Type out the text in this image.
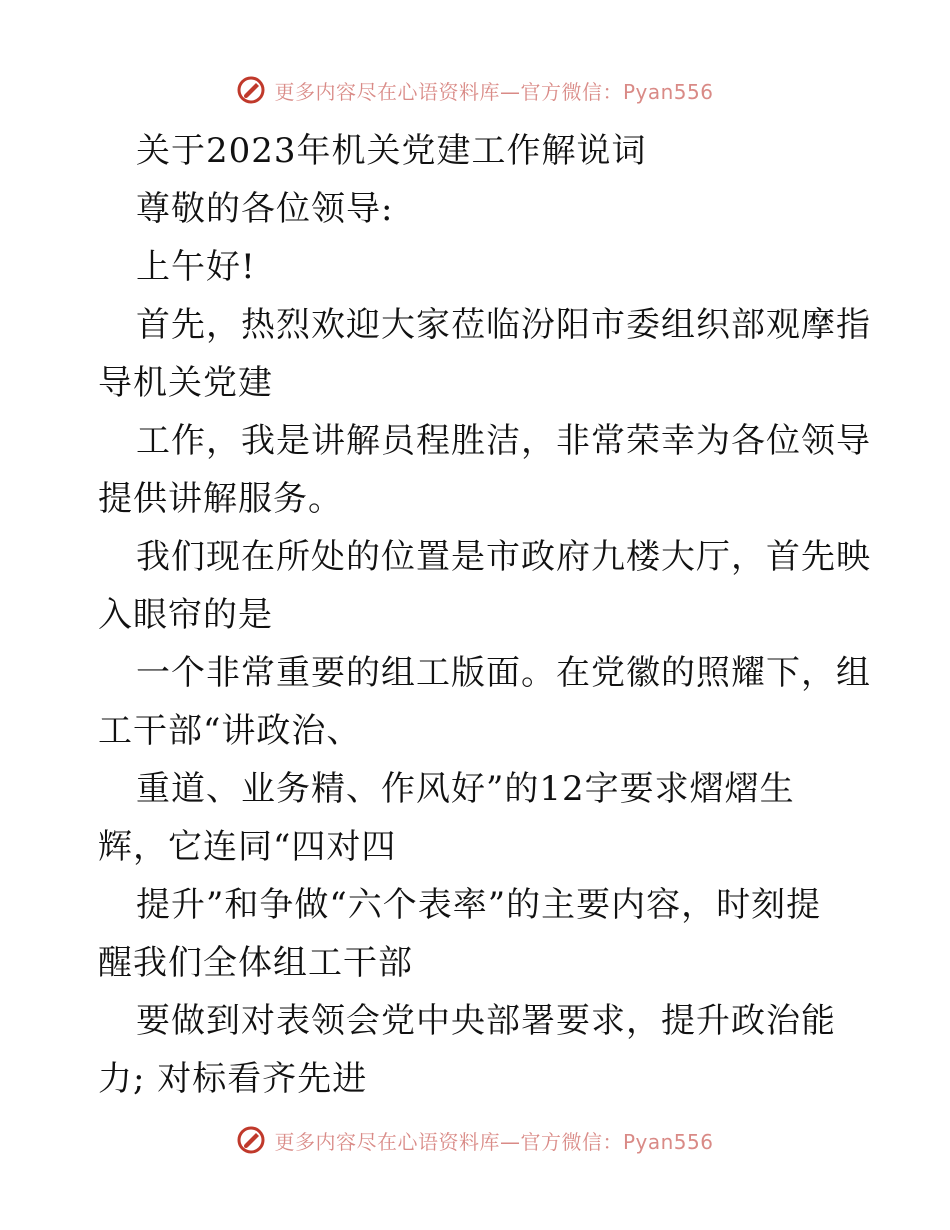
更多内容尽在心语资料库—官方微信：Pyan556

关于2023年机关党建工作解说词

尊敬的各位领导:

上午好!

首先，热烈欢迎大家莅临汾阳市委组织部观摩指

导机关党建

工作，我是讲解员程胜洁，非常荣幸为各位领导

提供讲解服务。

我们现在所处的位置是市政府九楼大厅，首先映

入眼帘的是

一个非常重要的组工版面。在党徽的照耀下，组

工干部“讲政治、

重道、业务精、作风好”的12字要求熠熠生

辉，它连同“四对四

提升”和争做“六个表率”的主要内容，时刻提

醒我们全体组工干部

要做到对表领会党中央部署要求，提升政治能

力; 对标看齐先进

更多内容尽在心语资料库—官方微信：Pyan556
